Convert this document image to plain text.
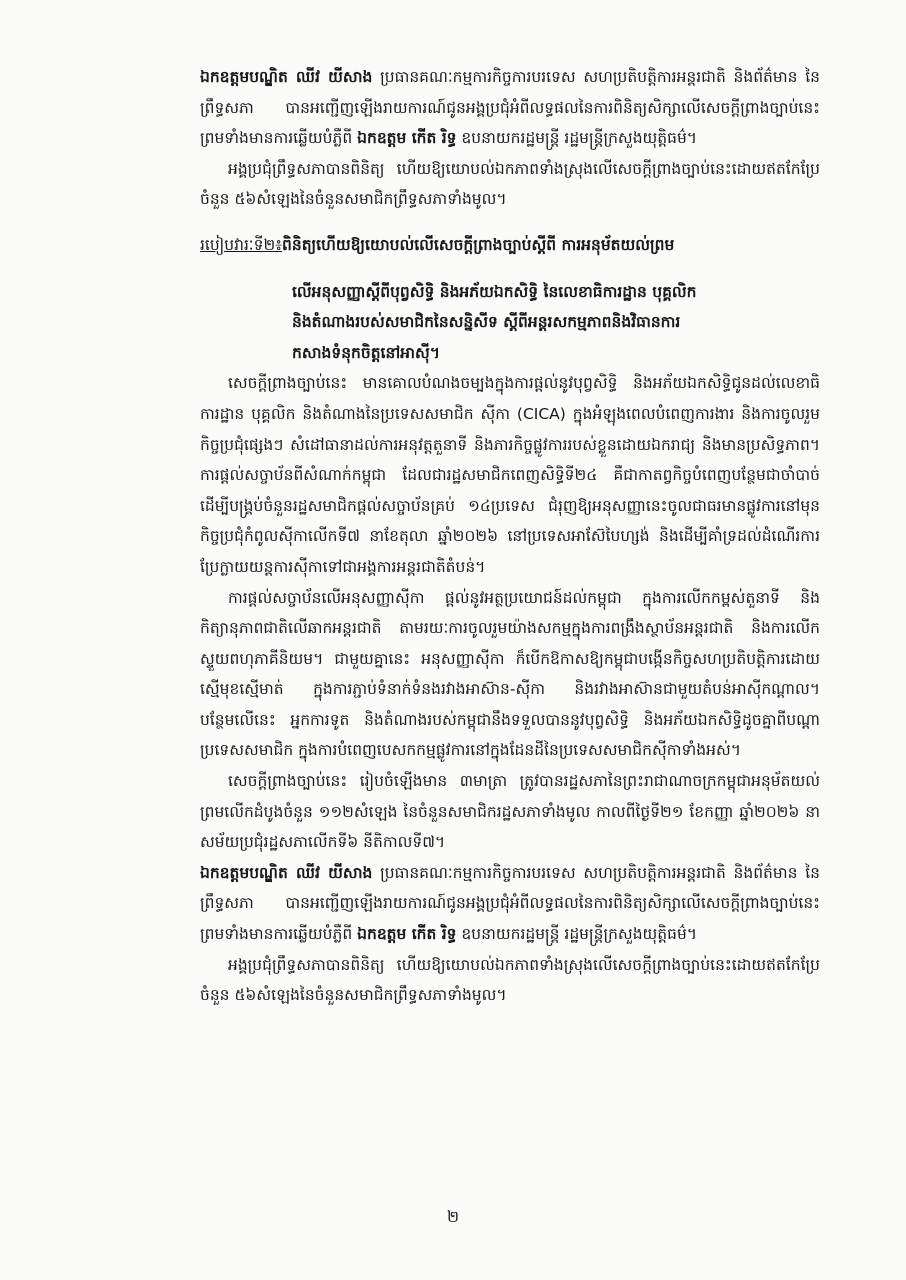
ឯកឧត្តមបណ្ឌិត ឈីវ យីសាង ប្រធានគណៈកម្មការកិច្ចការបរទេស សហប្រតិបត្តិការអន្តរជាតិ និងព័ត៌មាន នៃព្រឹទ្ធសភា បានអញ្ជើញឡើងរាយការណ៍ជូនអង្គប្រជុំអំពីលទ្ធផលនៃការពិនិត្យសិក្សាលើសេចក្តីព្រាងច្បាប់នេះ ព្រមទាំងមានការឆ្លើយបំភ្លឺពី ឯកឧត្តម កើត រិទ្ធ ឧបនាយករដ្ឋមន្ត្រី រដ្ឋមន្ត្រីក្រសួងយុត្តិធម៌។

អង្គប្រជុំព្រឹទ្ធសភាបានពិនិត្យ ហើយឱ្យយោបល់ឯកភាពទាំងស្រុងលើសេចក្តីព្រាងច្បាប់នេះដោយឥតកែប្រែចំនួន ៥៦សំឡេងនៃចំនួនសមាជិកព្រឹទ្ធសភាទាំងមូល។

របៀបវារៈទី២៖ពិនិត្យហើយឱ្យយោបល់លើសេចក្តីព្រាងច្បាប់ស្តីពី ការអនុម័តយល់ព្រម

លើអនុសញ្ញាស្តីពីបុព្វសិទ្ធិ និងអភ័យឯកសិទ្ធិ នៃលេខាធិការដ្ឋាន បុគ្គលិក

និងតំណាងរបស់សមាជិកនៃសន្និសីទ ស្តីពីអន្តរសកម្មភាពនិងវិធានការ

កសាងទំនុកចិត្តនៅអាស៊ី។

សេចក្តីព្រាងច្បាប់នេះ មានគោលបំណងចម្បងក្នុងការផ្តល់នូវបុព្វសិទ្ធិ និងអភ័យឯកសិទ្ធិជូនដល់លេខាធិការដ្ឋាន បុគ្គលិក និងតំណាងនៃប្រទេសសមាជិក ស៊ីកា (CICA) ក្នុងអំឡុងពេលបំពេញការងារ និងការចូលរួមកិច្ចប្រជុំផ្សេងៗ សំដៅធានាដល់ការអនុវត្តតួនាទី និងភារកិច្ចផ្លូវការរបស់ខ្លួនដោយឯករាជ្យ និងមានប្រសិទ្ធភាព។ ការផ្តល់សច្ចាប័នពីសំណាក់កម្ពុជា ដែលជារដ្ឋសមាជិកពេញសិទ្ធិទី២៤ គឺជាកាតព្វកិច្ចបំពេញបន្ថែមជាចាំបាច់ ដើម្បីបង្គ្រប់ចំនួនរដ្ឋសមាជិកផ្តល់សច្ចាប័នគ្រប់ ១៤ប្រទេស ជំរុញឱ្យអនុសញ្ញានេះចូលជាធរមានផ្លូវការនៅមុនកិច្ចប្រជុំកំពូលស៊ីកាលើកទី៧ នាខែតុលា ឆ្នាំ២០២៦ នៅប្រទេសអាស៊ែបៃហ្សង់ និងដើម្បីគាំទ្រដល់ដំណើរការប្រែក្លាយយន្តការស៊ីកាទៅជាអង្គការអន្តរជាតិតំបន់។

ការផ្តល់សច្ចាប័នលើអនុសញ្ញាស៊ីកា ផ្តល់នូវអត្ថប្រយោជន៍ដល់កម្ពុជា ក្នុងការលើកកម្ពស់តួនាទី និងកិត្យានុភាពជាតិលើឆាកអន្តរជាតិ តាមរយៈការចូលរួមយ៉ាងសកម្មក្នុងការពង្រឹងស្ថាប័នអន្តរជាតិ និងការលើកស្ទួយពហុភាគីនិយម។ ជាមួយគ្នានេះ អនុសញ្ញាស៊ីកា ក៏បើកឱកាសឱ្យកម្ពុជាបង្កើនកិច្ចសហប្រតិបត្តិការដោយស្មើមុខស្មើមាត់ ក្នុងការភ្ជាប់ទំនាក់ទំនងរវាងអាស៊ាន-ស៊ីកា និងរវាងអាស៊ានជាមួយតំបន់អាស៊ីកណ្តាល។ បន្ថែមលើនេះ អ្នកការទូត និងតំណាងរបស់កម្ពុជានឹងទទួលបាននូវបុព្វសិទ្ធិ និងអភ័យឯកសិទ្ធិដូចគ្នាពីបណ្តាប្រទេសសមាជិក ក្នុងការបំពេញបេសកកម្មផ្លូវការនៅក្នុងដែនដីនៃប្រទេសសមាជិកស៊ីកាទាំងអស់។

សេចក្តីព្រាងច្បាប់នេះ រៀបចំឡើងមាន ៣មាត្រា ត្រូវបានរដ្ឋសភានៃព្រះរាជាណាចក្រកម្ពុជាអនុម័តយល់ព្រមលើកដំបូងចំនួន ១១២សំឡេង នៃចំនួនសមាជិករដ្ឋសភាទាំងមូល កាលពីថ្ងៃទី២១ ខែកញ្ញា ឆ្នាំ២០២៦ នាសម័យប្រជុំរដ្ឋសភាលើកទី៦ នីតិកាលទី៧។

ឯកឧត្តមបណ្ឌិត ឈីវ យីសាង ប្រធានគណៈកម្មការកិច្ចការបរទេស សហប្រតិបត្តិការអន្តរជាតិ និងព័ត៌មាន នៃព្រឹទ្ធសភា បានអញ្ជើញឡើងរាយការណ៍ជូនអង្គប្រជុំអំពីលទ្ធផលនៃការពិនិត្យសិក្សាលើសេចក្តីព្រាងច្បាប់នេះ ព្រមទាំងមានការឆ្លើយបំភ្លឺពី ឯកឧត្តម កើត រិទ្ធ ឧបនាយករដ្ឋមន្ត្រី រដ្ឋមន្ត្រីក្រសួងយុត្តិធម៌។

អង្គប្រជុំព្រឹទ្ធសភាបានពិនិត្យ ហើយឱ្យយោបល់ឯកភាពទាំងស្រុងលើសេចក្តីព្រាងច្បាប់នេះដោយឥតកែប្រែចំនួន ៥៦សំឡេងនៃចំនួនសមាជិកព្រឹទ្ធសភាទាំងមូល។

២
